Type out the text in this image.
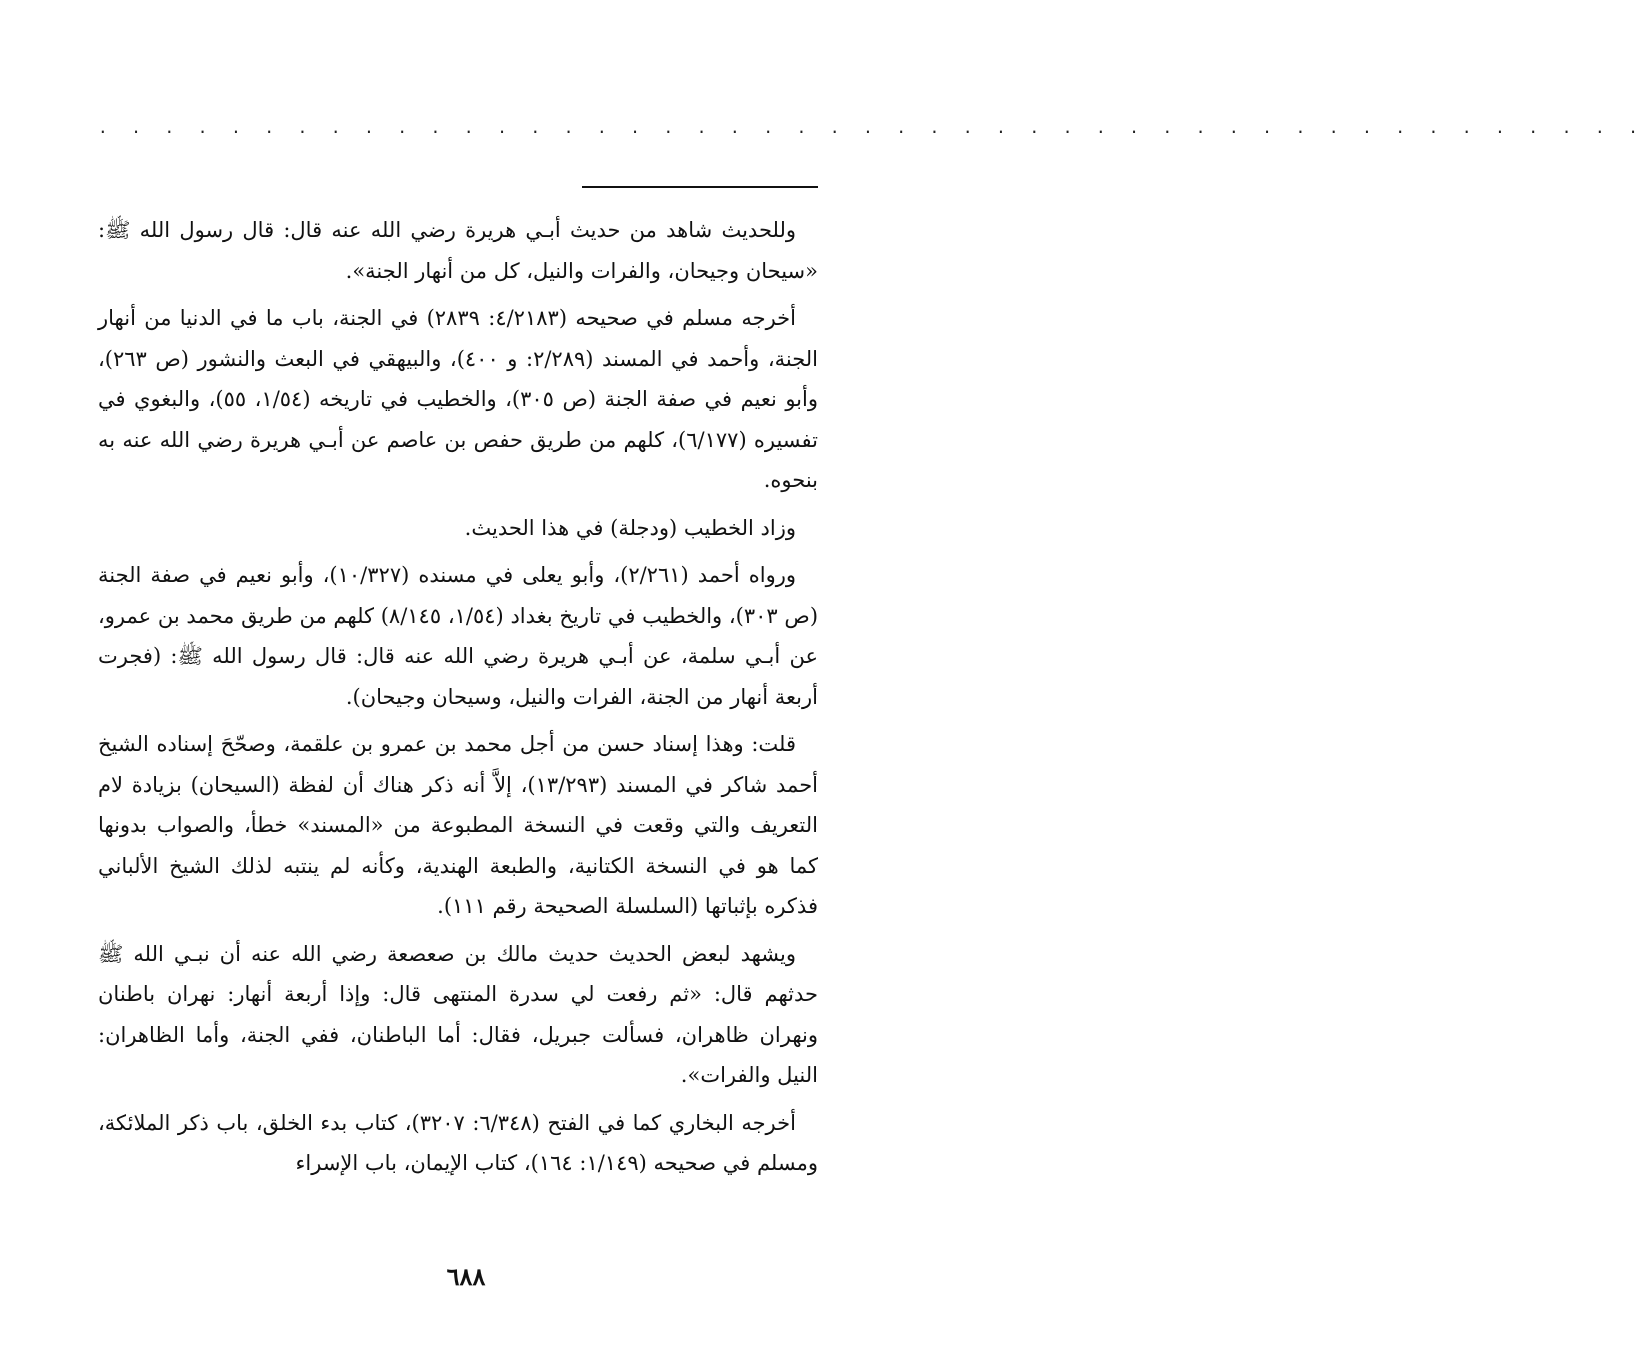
. . . . . . . . . . . . . . . . . . . . . . . . . . . . . . . . . . . . . . . . . . . . . . .

وللحديث شاهد من حديث أبـي هريرة رضي الله عنه قال: قال رسول الله ﷺ: «سيحان وجيحان، والفرات والنيل، كل من أنهار الجنة».

أخرجه مسلم في صحيحه (٤/٢١٨٣: ٢٨٣٩) في الجنة، باب ما في الدنيا من أنهار الجنة، وأحمد في المسند (٢/٢٨٩: و ٤٠٠)، والبيهقي في البعث والنشور (ص ٢٦٣)، وأبو نعيم في صفة الجنة (ص ٣٠٥)، والخطيب في تاريخه (١/٥٤، ٥٥)، والبغوي في تفسيره (٦/١٧٧)، كلهم من طريق حفص بن عاصم عن أبـي هريرة رضي الله عنه به بنحوه.

وزاد الخطيب (ودجلة) في هذا الحديث.

ورواه أحمد (٢/٢٦١)، وأبو يعلى في مسنده (١٠/٣٢٧)، وأبو نعيم في صفة الجنة (ص ٣٠٣)، والخطيب في تاريخ بغداد (١/٥٤، ٨/١٤٥) كلهم من طريق محمد بن عمرو، عن أبـي سلمة، عن أبـي هريرة رضي الله عنه قال: قال رسول الله ﷺ: (فجرت أربعة أنهار من الجنة، الفرات والنيل، وسيحان وجيحان).

قلت: وهذا إسناد حسن من أجل محمد بن عمرو بن علقمة، وصحّحَ إسناده الشيخ أحمد شاكر في المسند (١٣/٢٩٣)، إلاَّ أنه ذكر هناك أن لفظة (السيحان) بزيادة لام التعريف والتي وقعت في النسخة المطبوعة من «المسند» خطأ، والصواب بدونها كما هو في النسخة الكتانية، والطبعة الهندية، وكأنه لم ينتبه لذلك الشيخ الألباني فذكره بإثباتها (السلسلة الصحيحة رقم ١١١).

ويشهد لبعض الحديث حديث مالك بن صعصعة رضي الله عنه أن نبـي الله ﷺ حدثهم قال: «ثم رفعت لي سدرة المنتهى قال: وإذا أربعة أنهار: نهران باطنان ونهران ظاهران، فسألت جبريل، فقال: أما الباطنان، ففي الجنة، وأما الظاهران: النيل والفرات».

أخرجه البخاري كما في الفتح (٦/٣٤٨: ٣٢٠٧)، كتاب بدء الخلق، باب ذكر الملائكة، ومسلم في صحيحه (١/١٤٩: ١٦٤)، كتاب الإيمان، باب الإسراء

٦٨٨
